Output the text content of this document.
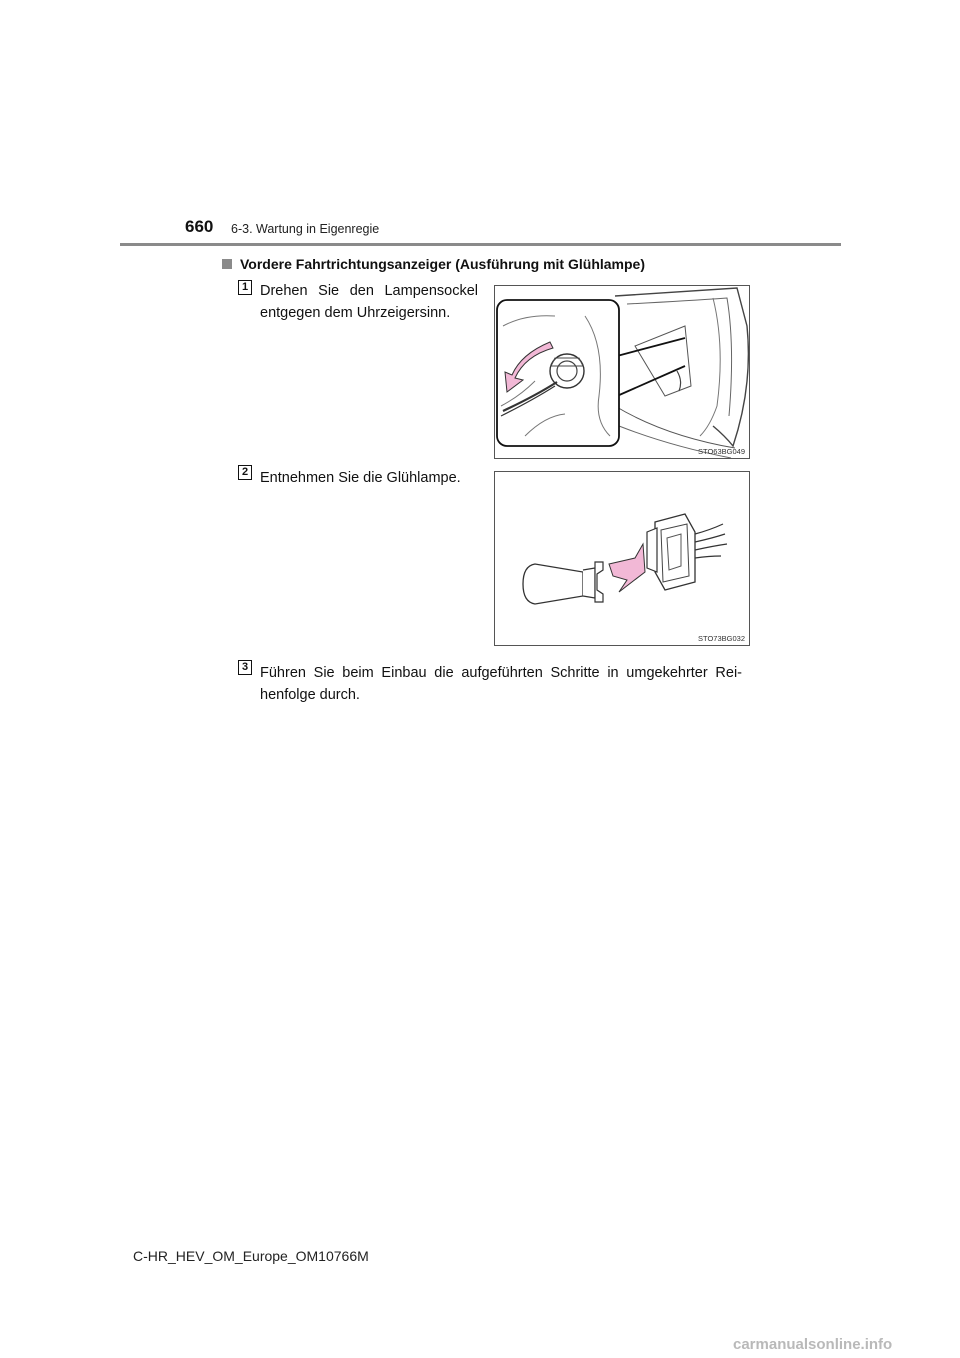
660 6-3. Wartung in Eigenregie
Vordere Fahrtrichtungsanzeiger (Ausführung mit Glühlampe)
1 Drehen Sie den Lampensockel
entgegen dem Uhrzeigersinn.
STO63BG049
2 Entnehmen Sie die Glühlampe.
STO73BG032
3 Führen Sie beim Einbau die aufgeführten Schritte in umgekehrter Rei-
henfolge durch.
C-HR_HEV_OM_Europe_OM10766M
carmanualsonline.info
